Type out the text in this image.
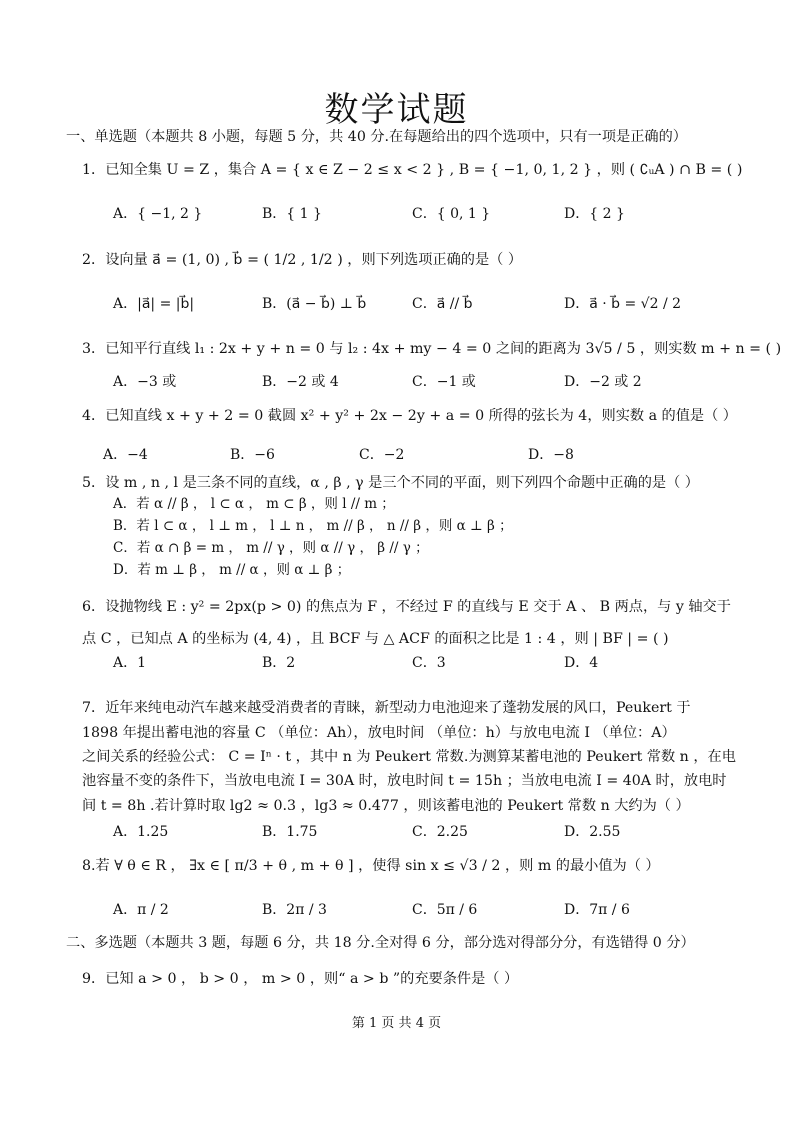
数学试题
一、单选题（本题共 8 小题，每题 5 分，共 40 分.在每题给出的四个选项中，只有一项是正确的）
1．已知全集 U = Z ，集合 A = { x ∈ Z − 2 ≤ x < 2 } , B = { −1, 0, 1, 2 } ，则 ( ∁ᵤA ) ∩ B = ( )
A．{ −1, 2 }	B．{ 1 }	C．{ 0, 1 }	D．{ 2 }
2．设向量 a⃗ = (1, 0) , b⃗ = ( 1/2 , 1/2 ) ，则下列选项正确的是（ ）
A．|a⃗| = |b⃗|	B．(a⃗ − b⃗) ⊥ b⃗	C．a⃗ // b⃗	D．a⃗ · b⃗ = √2 / 2
3．已知平行直线 l₁ : 2x + y + n = 0 与 l₂ : 4x + my − 4 = 0 之间的距离为 3√5 / 5 ，则实数 m + n = ( )
A．−3 或	B．−2 或 4	C．−1 或	D．−2 或 2
4．已知直线 x + y + 2 = 0 截圆 x² + y² + 2x − 2y + a = 0 所得的弦长为 4，则实数 a 的值是（ ）
A．−4	B．−6	C．−2	D．−8
5．设 m , n , l 是三条不同的直线，α , β , γ 是三个不同的平面，则下列四个命题中正确的是（ ）
A．若 α // β ， l ⊂ α ， m ⊂ β ，则 l // m ；
B．若 l ⊂ α ， l ⊥ m ， l ⊥ n ， m // β ， n // β ，则 α ⊥ β ；
C．若 α ∩ β = m ， m // γ ，则 α // γ ， β // γ ；
D．若 m ⊥ β ， m // α ，则 α ⊥ β ；
6．设抛物线 E : y² = 2px(p > 0) 的焦点为 F ，不经过 F 的直线与 E 交于 A 、 B 两点，与 y 轴交于
点 C ，已知点 A 的坐标为 (4, 4) ，且 BCF 与 △ ACF 的面积之比是 1 : 4 ，则 | BF | = ( )
A．1	B．2	C．3	D．4
7．近年来纯电动汽车越来越受消费者的青睐，新型动力电池迎来了蓬勃发展的风口，Peukert 于
1898 年提出蓄电池的容量 C （单位：Ah），放电时间 （单位：h）与放电电流 I （单位：A）
之间关系的经验公式： C = Iⁿ · t ，其中 n 为 Peukert 常数.为测算某蓄电池的 Peukert 常数 n ，在电
池容量不变的条件下，当放电电流 I = 30A 时，放电时间 t = 15h ；当放电电流 I = 40A 时，放电时
间 t = 8h .若计算时取 lg2 ≈ 0.3 ，lg3 ≈ 0.477 ，则该蓄电池的 Peukert 常数 n 大约为（ ）
A．1.25	B．1.75	C．2.25	D．2.55
8.若 ∀ θ ∈ R ， ∃x ∈ [ π/3 + θ , m + θ ] ，使得 sin x ≤ √3 / 2 ，则 m 的最小值为（ ）
A．π / 2	B．2π / 3	C．5π / 6	D．7π / 6
二、多选题（本题共 3 题，每题 6 分，共 18 分.全对得 6 分，部分选对得部分分，有选错得 0 分）
9．已知 a > 0 ， b > 0 ， m > 0 ，则“ a > b ”的充要条件是（ ）
第 1 页 共 4 页
